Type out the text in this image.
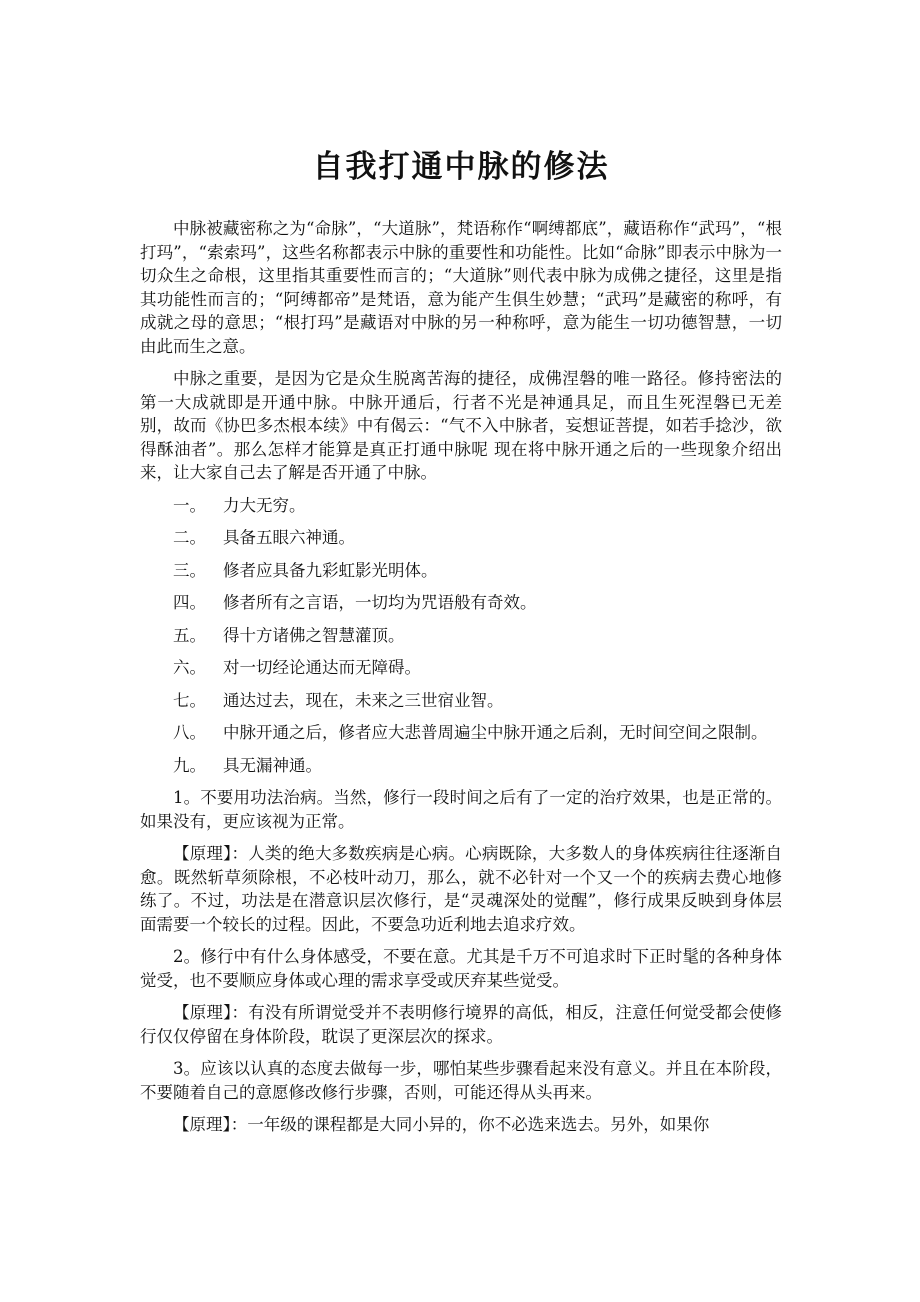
自我打通中脉的修法

中脉被藏密称之为“命脉”，“大道脉”，梵语称作“啊缚都底”，藏语称作“武玛”，“根打玛”，“索索玛”，这些名称都表示中脉的重要性和功能性。比如“命脉”即表示中脉为一切众生之命根，这里指其重要性而言的；“大道脉”则代表中脉为成佛之捷径，这里是指其功能性而言的；“阿缚都帝”是梵语，意为能产生俱生妙慧；“武玛”是藏密的称呼，有成就之母的意思；“根打玛”是藏语对中脉的另一种称呼，意为能生一切功德智慧，一切由此而生之意。

中脉之重要，是因为它是众生脱离苦海的捷径，成佛涅磐的唯一路径。修持密法的第一大成就即是开通中脉。中脉开通后，行者不光是神通具足，而且生死涅磐已无差别，故而《协巴多杰根本续》中有偈云：“气不入中脉者，妄想证菩提，如若手捻沙，欲得酥油者”。那么怎样才能算是真正打通中脉呢 现在将中脉开通之后的一些现象介绍出来，让大家自己去了解是否开通了中脉。

一。 力大无穷。
二。 具备五眼六神通。
三。 修者应具备九彩虹影光明体。
四。 修者所有之言语，一切均为咒语般有奇效。
五。 得十方诸佛之智慧灌顶。
六。 对一切经论通达而无障碍。
七。 通达过去，现在，未来之三世宿业智。
八。 中脉开通之后，修者应大悲普周遍尘中脉开通之后刹，无时间空间之限制。
九。 具无漏神通。

1。不要用功法治病。当然，修行一段时间之后有了一定的治疗效果，也是正常的。如果没有，更应该视为正常。

【原理】：人类的绝大多数疾病是心病。心病既除，大多数人的身体疾病往往逐渐自愈。既然斩草须除根，不必枝叶动刀，那么，就不必针对一个又一个的疾病去费心地修练了。不过，功法是在潜意识层次修行，是“灵魂深处的觉醒”，修行成果反映到身体层面需要一个较长的过程。因此，不要急功近利地去追求疗效。

2。修行中有什么身体感受，不要在意。尤其是千万不可追求时下正时髦的各种身体觉受，也不要顺应身体或心理的需求享受或厌弃某些觉受。

【原理】：有没有所谓觉受并不表明修行境界的高低，相反，注意任何觉受都会使修行仅仅停留在身体阶段，耽误了更深层次的探求。

3。应该以认真的态度去做每一步，哪怕某些步骤看起来没有意义。并且在本阶段，不要随着自己的意愿修改修行步骤，否则，可能还得从头再来。

【原理】：一年级的课程都是大同小异的，你不必选来选去。另外，如果你
